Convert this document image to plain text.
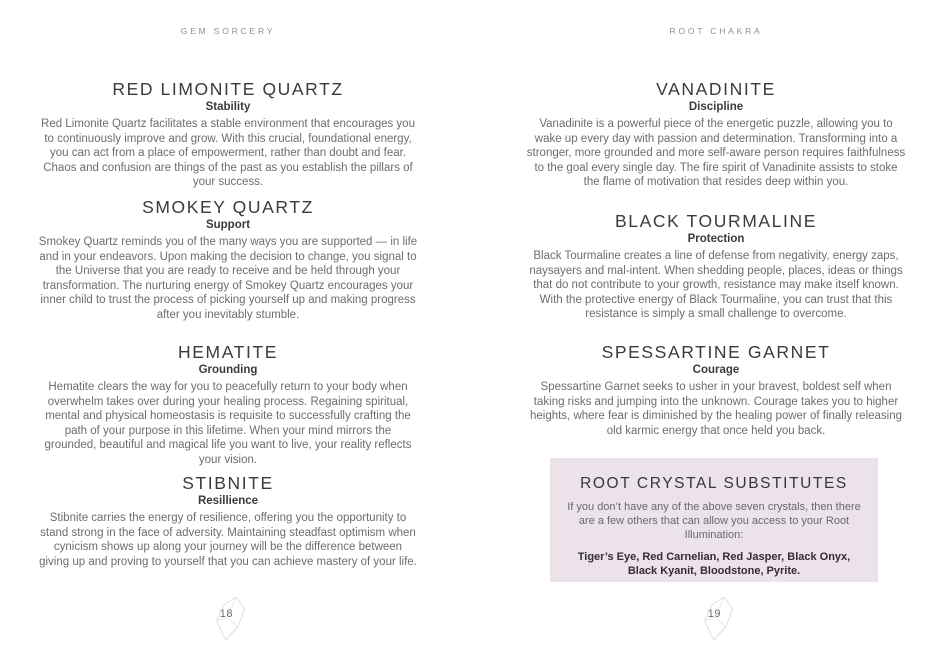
GEM SORCERY
RED LIMONITE QUARTZ
Stability
Red Limonite Quartz facilitates a stable environment that encourages you to continuously improve and grow. With this crucial, foundational energy, you can act from a place of empowerment, rather than doubt and fear. Chaos and confusion are things of the past as you establish the pillars of your success.
SMOKEY QUARTZ
Support
Smokey Quartz reminds you of the many ways you are supported — in life and in your endeavors. Upon making the decision to change, you signal to the Universe that you are ready to receive and be held through your transformation. The nurturing energy of Smokey Quartz encourages your inner child to trust the process of picking yourself up and making progress after you inevitably stumble.
HEMATITE
Grounding
Hematite clears the way for you to peacefully return to your body when overwhelm takes over during your healing process. Regaining spiritual, mental and physical homeostasis is requisite to successfully crafting the path of your purpose in this lifetime. When your mind mirrors the grounded, beautiful and magical life you want to live, your reality reflects your vision.
STIBNITE
Resillience
Stibnite carries the energy of resilience, offering you the opportunity to stand strong in the face of adversity. Maintaining steadfast optimism when cynicism shows up along your journey will be the difference between giving up and proving to yourself that you can achieve mastery of your life.
18
ROOT CHAKRA
VANADINITE
Discipline
Vanadinite is a powerful piece of the energetic puzzle, allowing you to wake up every day with passion and determination. Transforming into a stronger, more grounded and more self-aware person requires faithfulness to the goal every single day. The fire spirit of Vanadinite assists to stoke the flame of motivation that resides deep within you.
BLACK TOURMALINE
Protection
Black Tourmaline creates a line of defense from negativity, energy zaps, naysayers and mal-intent. When shedding people, places, ideas or things that do not contribute to your growth, resistance may make itself known. With the protective energy of Black Tourmaline, you can trust that this resistance is simply a small challenge to overcome.
SPESSARTINE GARNET
Courage
Spessartine Garnet seeks to usher in your bravest, boldest self when taking risks and jumping into the unknown. Courage takes you to higher heights, where fear is diminished by the healing power of finally releasing old karmic energy that once held you back.
ROOT CRYSTAL SUBSTITUTES
If you don’t have any of the above seven crystals, then there are a few others that can allow you access to your Root Illumination:
Tiger’s Eye, Red Carnelian, Red Jasper, Black Onyx, Black Kyanit, Bloodstone, Pyrite.
19
